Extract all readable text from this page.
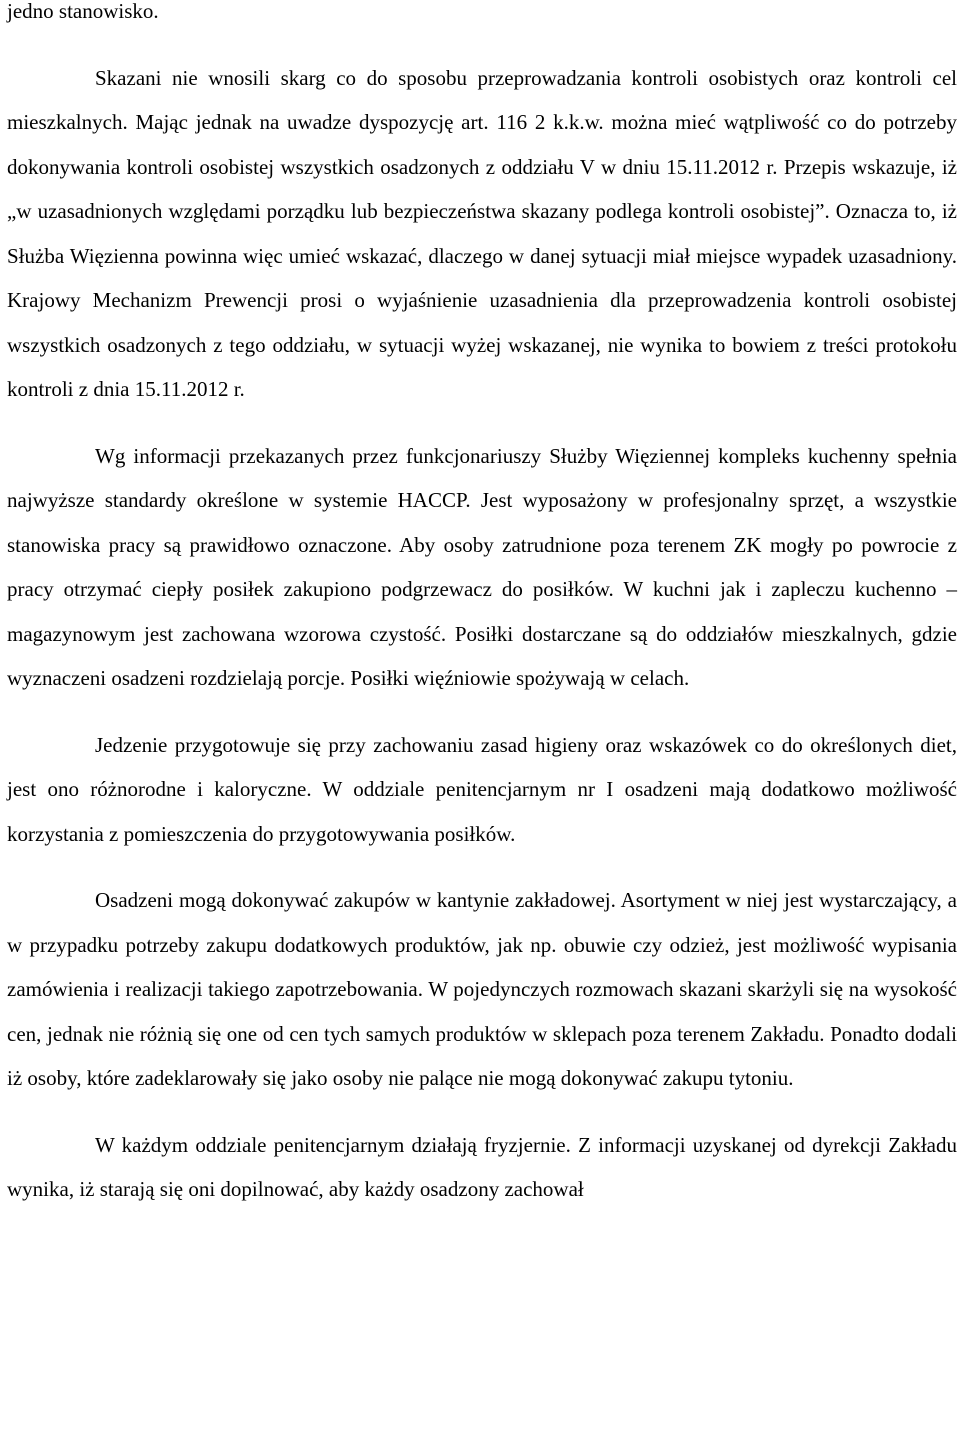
jedno stanowisko.

Skazani nie wnosili skarg co do sposobu przeprowadzania kontroli osobistych oraz kontroli cel mieszkalnych. Mając jednak na uwadze dyspozycję art. 116 2 k.k.w. można mieć wątpliwość co do potrzeby dokonywania kontroli osobistej wszystkich osadzonych z oddziału V w dniu 15.11.2012 r. Przepis wskazuje, iż „w uzasadnionych względami porządku lub bezpieczeństwa skazany podlega kontroli osobistej”. Oznacza to, iż Służba Więzienna powinna więc umieć wskazać, dlaczego w danej sytuacji miał miejsce wypadek uzasadniony. Krajowy Mechanizm Prewencji prosi o wyjaśnienie uzasadnienia dla przeprowadzenia kontroli osobistej wszystkich osadzonych z tego oddziału, w sytuacji wyżej wskazanej, nie wynika to bowiem z treści protokołu kontroli z dnia 15.11.2012 r.

Wg informacji przekazanych przez funkcjonariuszy Służby Więziennej kompleks kuchenny spełnia najwyższe standardy określone w systemie HACCP. Jest wyposażony w profesjonalny sprzęt, a wszystkie stanowiska pracy są prawidłowo oznaczone. Aby osoby zatrudnione poza terenem ZK mogły po powrocie z pracy otrzymać ciepły posiłek zakupiono podgrzewacz do posiłków. W kuchni jak i zapleczu kuchenno – magazynowym jest zachowana wzorowa czystość. Posiłki dostarczane są do oddziałów mieszkalnych, gdzie wyznaczeni osadzeni rozdzielają porcje. Posiłki więźniowie spożywają w celach.

Jedzenie przygotowuje się przy zachowaniu zasad higieny oraz wskazówek co do określonych diet, jest ono różnorodne i kaloryczne. W oddziale penitencjarnym nr I osadzeni mają dodatkowo możliwość korzystania z pomieszczenia do przygotowywania posiłków.

Osadzeni mogą dokonywać zakupów w kantynie zakładowej. Asortyment w niej jest wystarczający, a w przypadku potrzeby zakupu dodatkowych produktów, jak np. obuwie czy odzież, jest możliwość wypisania zamówienia i realizacji takiego zapotrzebowania. W pojedynczych rozmowach skazani skarżyli się na wysokość cen, jednak nie różnią się one od cen tych samych produktów w sklepach poza terenem Zakładu. Ponadto dodali iż osoby, które zadeklarowały się jako osoby nie palące nie mogą dokonywać zakupu tytoniu.

W każdym oddziale penitencjarnym działają fryzjernie. Z informacji uzyskanej od dyrekcji Zakładu wynika, iż starają się oni dopilnować, aby każdy osadzony zachował
